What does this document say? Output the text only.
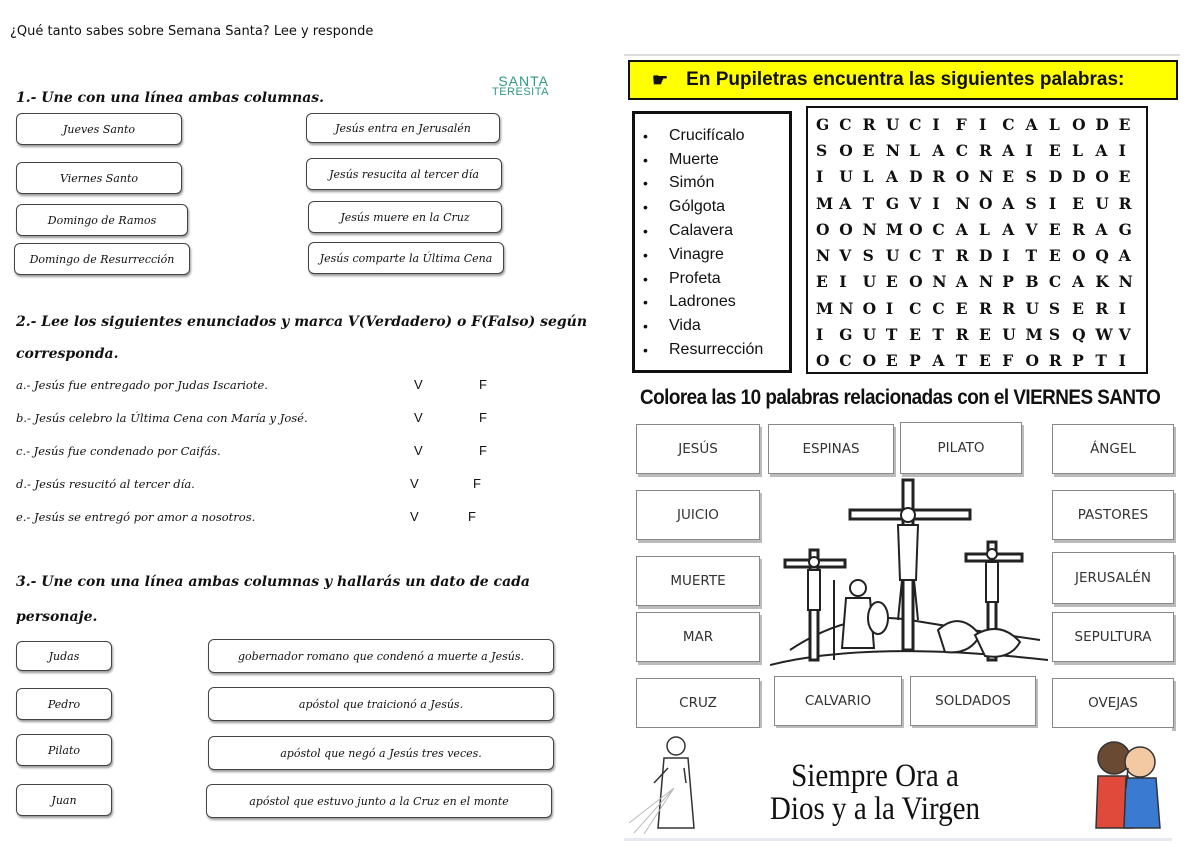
¿Qué tanto sabes sobre Semana Santa? Lee y responde
SANTA
TERESITA
1.- Une con una línea ambas columnas.
Jueves Santo
Viernes Santo
Domingo de Ramos
Domingo de Resurrección
Jesús entra en Jerusalén
Jesús resucita al tercer día
Jesús muere en la Cruz
Jesús comparte la Última Cena
2.- Lee los siguientes enunciados y marca V(Verdadero) o F(Falso) según
corresponda.
a.- Jesús fue entregado por Judas Iscariote.	V	F
b.- Jesús celebro la Última Cena con María y José.	V	F
c.- Jesús fue condenado por Caifás.	V	F
d.- Jesús resucitó al tercer día.	V	F
e.- Jesús se entregó por amor a nosotros.	V	F
3.- Une con una línea ambas columnas y hallarás un dato de cada
personaje.
Judas
Pedro
Pilato
Juan
gobernador romano que condenó a muerte a Jesús.
apóstol que traicionó a Jesús.
apóstol que negó a Jesús tres veces.
apóstol que estuvo junto a la Cruz en el monte
☛ En Pupiletras encuentra las siguientes palabras:
•	Crucifícalo
•	Muerte
•	Simón
•	Gólgota
•	Calavera
•	Vinagre
•	Profeta
•	Ladrones
•	Vida
•	Resurrección
G C R U C I	F I	C A L O D E
S O E N L A C R A I	E L A I
I	U L A D R O N E S D D O E
M A T G V I	N O A S I	E U R
O O N M O C A L A V E R A G
N V S U C T R D I	T E O Q A
E I	U E O N A N P B C A K N
M N O I	C C E R R U S E R I
I	G U T E T R E U M S Q W V
O C O E P A T E F O R P T I
Colorea las 10 palabras relacionadas con el VIERNES SANTO
JESÚS	ESPINAS	PILATO	ÁNGEL
JUICIO	PASTORES
MUERTE	JERUSALÉN
MAR	SEPULTURA
CRUZ	CALVARIO	SOLDADOS	OVEJAS
Siempre Ora a
Dios y a la Virgen
